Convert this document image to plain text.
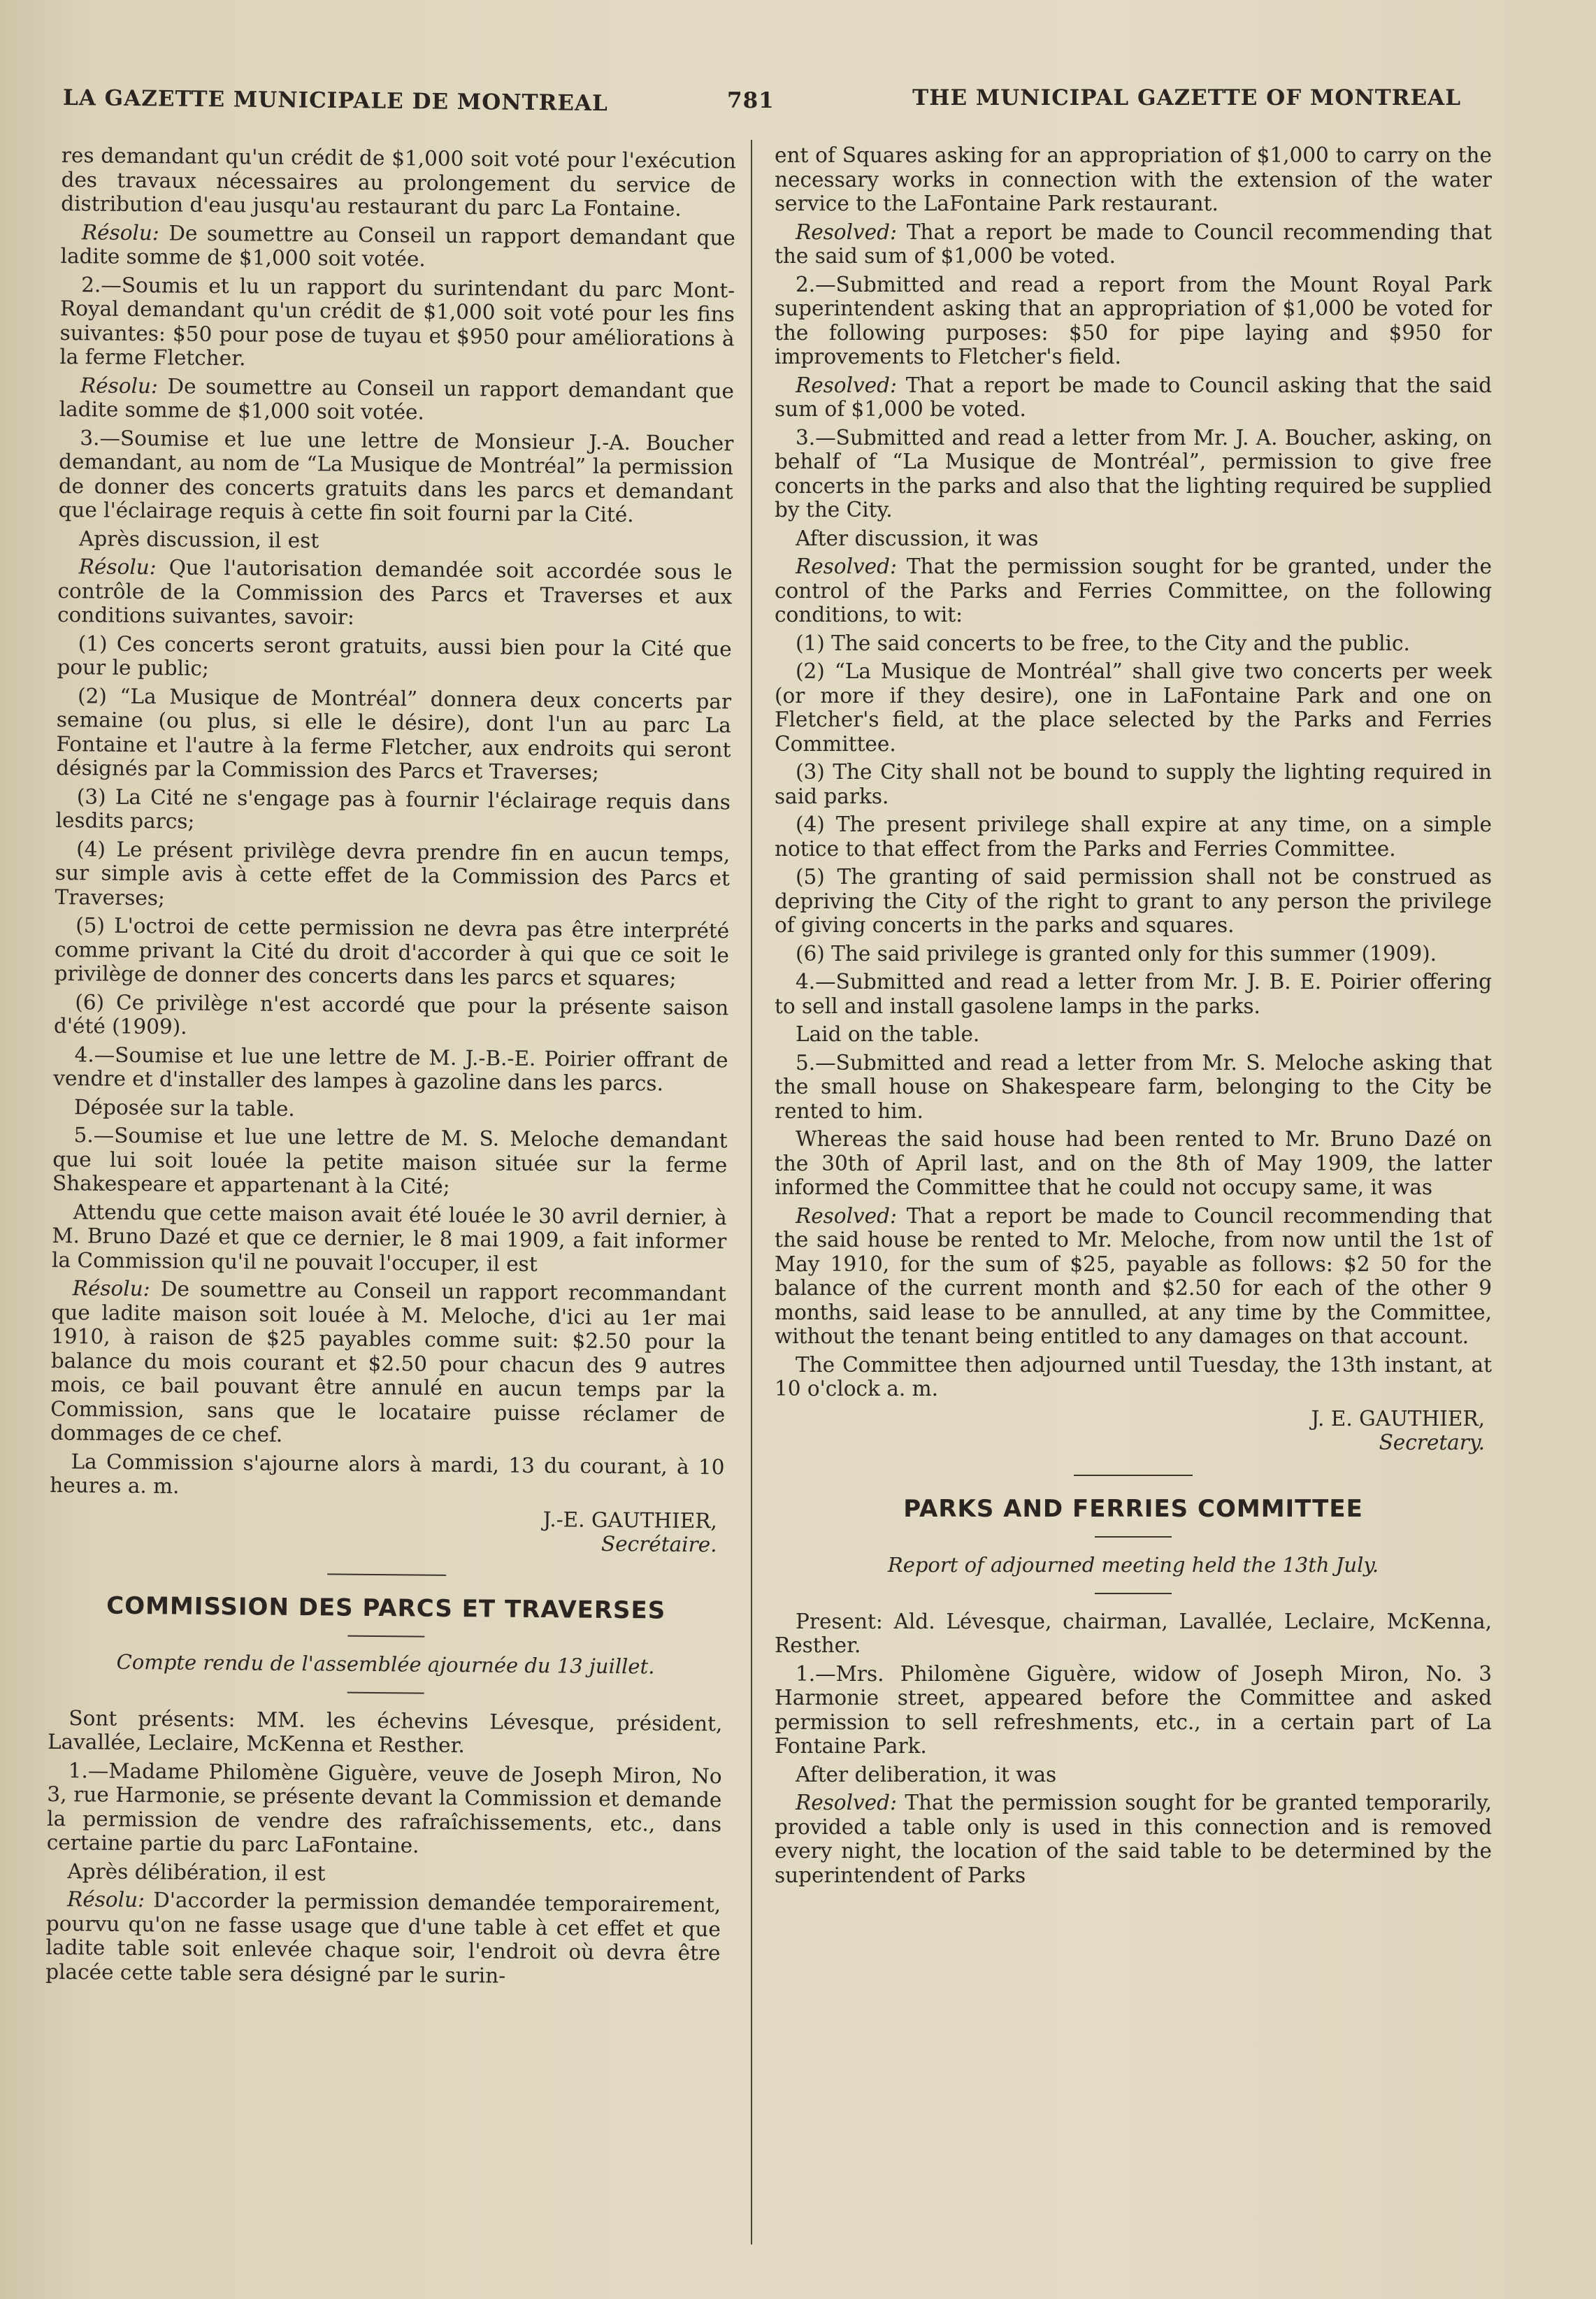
LA GAZETTE MUNICIPALE DE MONTREAL	781	THE MUNICIPAL GAZETTE OF MONTREAL

res demandant qu'un crédit de $1,000 soit voté pour l'exécution des travaux nécessaires au prolongement du service de distribution d'eau jusqu'au restaurant du parc La Fontaine.

Résolu: De soumettre au Conseil un rapport demandant que ladite somme de $1,000 soit votée.

2.—Soumis et lu un rapport du surintendant du parc Mont-Royal demandant qu'un crédit de $1,000 soit voté pour les fins suivantes: $50 pour pose de tuyau et $950 pour améliorations à la ferme Fletcher.

Résolu: De soumettre au Conseil un rapport demandant que ladite somme de $1,000 soit votée.

3.—Soumise et lue une lettre de Monsieur J.-A. Boucher demandant, au nom de “La Musique de Montréal” la permission de donner des concerts gratuits dans les parcs et demandant que l'éclairage requis à cette fin soit fourni par la Cité.

Après discussion, il est

Résolu: Que l'autorisation demandée soit accordée sous le contrôle de la Commission des Parcs et Traverses et aux conditions suivantes, savoir:

(1) Ces concerts seront gratuits, aussi bien pour la Cité que pour le public;

(2) “La Musique de Montréal” donnera deux concerts par semaine (ou plus, si elle le désire), dont l'un au parc La Fontaine et l'autre à la ferme Fletcher, aux endroits qui seront désignés par la Commission des Parcs et Traverses;

(3) La Cité ne s'engage pas à fournir l'éclairage requis dans lesdits parcs;

(4) Le présent privilège devra prendre fin en aucun temps, sur simple avis à cette effet de la Commission des Parcs et Traverses;

(5) L'octroi de cette permission ne devra pas être interprété comme privant la Cité du droit d'accorder à qui que ce soit le privilège de donner des concerts dans les parcs et squares;

(6) Ce privilège n'est accordé que pour la présente saison d'été (1909).

4.—Soumise et lue une lettre de M. J.-B.-E. Poirier offrant de vendre et d'installer des lampes à gazoline dans les parcs.

Déposée sur la table.

5.—Soumise et lue une lettre de M. S. Meloche demandant que lui soit louée la petite maison située sur la ferme Shakespeare et appartenant à la Cité;

Attendu que cette maison avait été louée le 30 avril dernier, à M. Bruno Dazé et que ce dernier, le 8 mai 1909, a fait informer la Commission qu'il ne pouvait l'occuper, il est

Résolu: De soumettre au Conseil un rapport recommandant que ladite maison soit louée à M. Meloche, d'ici au 1er mai 1910, à raison de $25 payables comme suit: $2.50 pour la balance du mois courant et $2.50 pour chacun des 9 autres mois, ce bail pouvant être annulé en aucun temps par la Commission, sans que le locataire puisse réclamer de dommages de ce chef.

La Commission s'ajourne alors à mardi, 13 du courant, à 10 heures a. m.

J.-E. GAUTHIER,

Secrétaire.

COMMISSION DES PARCS ET TRAVERSES
Compte rendu de l'assemblée ajournée du 13 juillet.

Sont présents: MM. les échevins Lévesque, président, Lavallée, Leclaire, McKenna et Resther.

1.—Madame Philomène Giguère, veuve de Joseph Miron, No 3, rue Harmonie, se présente devant la Commission et demande la permission de vendre des rafraîchissements, etc., dans certaine partie du parc LaFontaine.

Après délibération, il est

Résolu: D'accorder la permission demandée temporairement, pourvu qu'on ne fasse usage que d'une table à cet effet et que ladite table soit enlevée chaque soir, l'endroit où devra être placée cette table sera désigné par le surin-

ent of Squares asking for an appropriation of $1,000 to carry on the necessary works in connection with the extension of the water service to the LaFontaine Park restaurant.

Resolved: That a report be made to Council recommending that the said sum of $1,000 be voted.

2.—Submitted and read a report from the Mount Royal Park superintendent asking that an appropriation of $1,000 be voted for the following purposes: $50 for pipe laying and $950 for improvements to Fletcher's field.

Resolved: That a report be made to Council asking that the said sum of $1,000 be voted.

3.—Submitted and read a letter from Mr. J. A. Boucher, asking, on behalf of “La Musique de Montréal”, permission to give free concerts in the parks and also that the lighting required be supplied by the City.

After discussion, it was

Resolved: That the permission sought for be granted, under the control of the Parks and Ferries Committee, on the following conditions, to wit:

(1) The said concerts to be free, to the City and the public.

(2) “La Musique de Montréal” shall give two concerts per week (or more if they desire), one in LaFontaine Park and one on Fletcher's field, at the place selected by the Parks and Ferries Committee.

(3) The City shall not be bound to supply the lighting required in said parks.

(4) The present privilege shall expire at any time, on a simple notice to that effect from the Parks and Ferries Committee.

(5) The granting of said permission shall not be construed as depriving the City of the right to grant to any person the privilege of giving concerts in the parks and squares.

(6) The said privilege is granted only for this summer (1909).

4.—Submitted and read a letter from Mr. J. B. E. Poirier offering to sell and install gasolene lamps in the parks.

Laid on the table.

5.—Submitted and read a letter from Mr. S. Meloche asking that the small house on Shakespeare farm, belonging to the City be rented to him.

Whereas the said house had been rented to Mr. Bruno Dazé on the 30th of April last, and on the 8th of May 1909, the latter informed the Committee that he could not occupy same, it was

Resolved: That a report be made to Council recommending that the said house be rented to Mr. Meloche, from now until the 1st of May 1910, for the sum of $25, payable as follows: $2 50 for the balance of the current month and $2.50 for each of the other 9 months, said lease to be annulled, at any time by the Committee, without the tenant being entitled to any damages on that account.

The Committee then adjourned until Tuesday, the 13th instant, at 10 o'clock a. m.

J. E. GAUTHIER,

Secretary.

PARKS AND FERRIES COMMITTEE
Report of adjourned meeting held the 13th July.

Present: Ald. Lévesque, chairman, Lavallée, Leclaire, McKenna, Resther.

1.—Mrs. Philomène Giguère, widow of Joseph Miron, No. 3 Harmonie street, appeared before the Committee and asked permission to sell refreshments, etc., in a certain part of La Fontaine Park.

After deliberation, it was

Resolved: That the permission sought for be granted temporarily, provided a table only is used in this connection and is removed every night, the location of the said table to be determined by the superintendent of Parks
